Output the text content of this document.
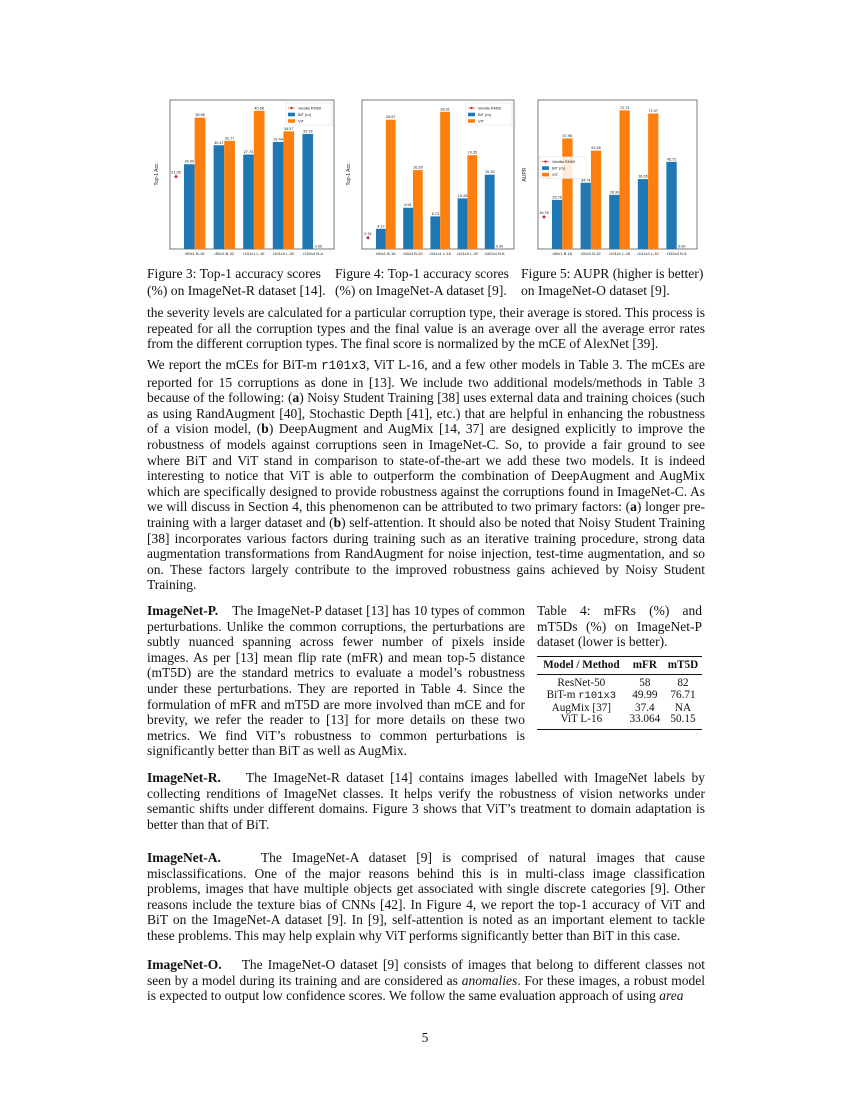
Top-1 Acc
24.90
38.58
r50x1 B-16
30.47
31.77
r50x3 B-32
27.74
40.58
r101x1 L-16
31.44
34.57
r101x3 L-32
33.78
0.00
r152x4 N.A
21.26
Vanilla RN50
BiT (m)
ViT
Top-1 Acc
4.17
26.67
r50x1 B-16
8.51
16.28
r50x3 B-32
6.73
28.31
r101x1 L-16
10.45
19.35
r101x3 L-32
15.33
0.00
r152x4 N.A
2.31
Vanilla RN50
BiT (m)
ViT
AUPR
25.76
57.98
r50x1 B-16
34.74
51.58
r50x3 B-32
28.39
72.73
r101x1 L-16
36.65
71.07
r101x3 L-32
45.72
0.00
r152x4 N.A
16.76
Vanilla RN50
BiT (m)
ViT
Figure 3: Top-1 accuracy scores (%) on ImageNet-R dataset [14].
Figure 4: Top-1 accuracy scores (%) on ImageNet-A dataset [9].
Figure 5: AUPR (higher is better) on ImageNet-O dataset [9].

the severity levels are calculated for a particular corruption type, their average is stored. This process is repeated for all the corruption types and the final value is an average over all the average error rates from the different corruption types. The final score is normalized by the mCE of AlexNet [39].

We report the mCEs for BiT-m r101x3, ViT L-16, and a few other models in Table 3. The mCEs are reported for 15 corruptions as done in [13]. We include two additional models/methods in Table 3 because of the following: (a) Noisy Student Training [38] uses external data and training choices (such as using RandAugment [40], Stochastic Depth [41], etc.) that are helpful in enhancing the robustness of a vision model, (b) DeepAugment and AugMix [14, 37] are designed explicitly to improve the robustness of models against corruptions seen in ImageNet-C. So, to provide a fair ground to see where BiT and ViT stand in comparison to state-of-the-art we add these two models. It is indeed interesting to notice that ViT is able to outperform the combination of DeepAugment and AugMix which are specifically designed to provide robustness against the corruptions found in ImageNet-C. As we will discuss in Section 4, this phenomenon can be attributed to two primary factors: (a) longer pre-training with a larger dataset and (b) self-attention. It should also be noted that Noisy Student Training [38] incorporates various factors during training such as an iterative training procedure, strong data augmentation transformations from RandAugment for noise injection, test-time augmentation, and so on. These factors largely contribute to the improved robustness gains achieved by Noisy Student Training.

ImageNet-P. The ImageNet-P dataset [13] has 10 types of common perturbations. Unlike the common corruptions, the perturbations are subtly nuanced spanning across fewer number of pixels inside images. As per [13] mean flip rate (mFR) and mean top-5 distance (mT5D) are the standard metrics to evaluate a model’s robustness under these perturbations. They are reported in Table 4. Since the formulation of mFR and mT5D are more involved than mCE and for brevity, we refer the reader to [13] for more details on these two metrics. We find ViT’s robustness to common perturbations is significantly better than BiT as well as AugMix.

Table 4: mFRs (%) and mT5Ds (%) on ImageNet-P dataset (lower is better).
Model / Method	mFR	mT5D
ResNet-50	58	82
BiT-m r101x3	49.99	76.71
AugMix [37]	37.4	NA
ViT L-16	33.064	50.15

ImageNet-R. The ImageNet-R dataset [14] contains images labelled with ImageNet labels by collecting renditions of ImageNet classes. It helps verify the robustness of vision networks under semantic shifts under different domains. Figure 3 shows that ViT’s treatment to domain adaptation is better than that of BiT.

ImageNet-A.	The ImageNet-A dataset [9] is comprised of natural images that cause misclassifications. One of the major reasons behind this is in multi-class image classification problems, images that have multiple objects get associated with single discrete categories [9]. Other reasons include the texture bias of CNNs [42]. In Figure 4, we report the top-1 accuracy of ViT and BiT on the ImageNet-A dataset [9]. In [9], self-attention is noted as an important element to tackle these problems. This may help explain why ViT performs significantly better than BiT in this case.

ImageNet-O. The ImageNet-O dataset [9] consists of images that belong to different classes not seen by a model during its training and are considered as anomalies. For these images, a robust model is expected to output low confidence scores. We follow the same evaluation approach of using area

5
